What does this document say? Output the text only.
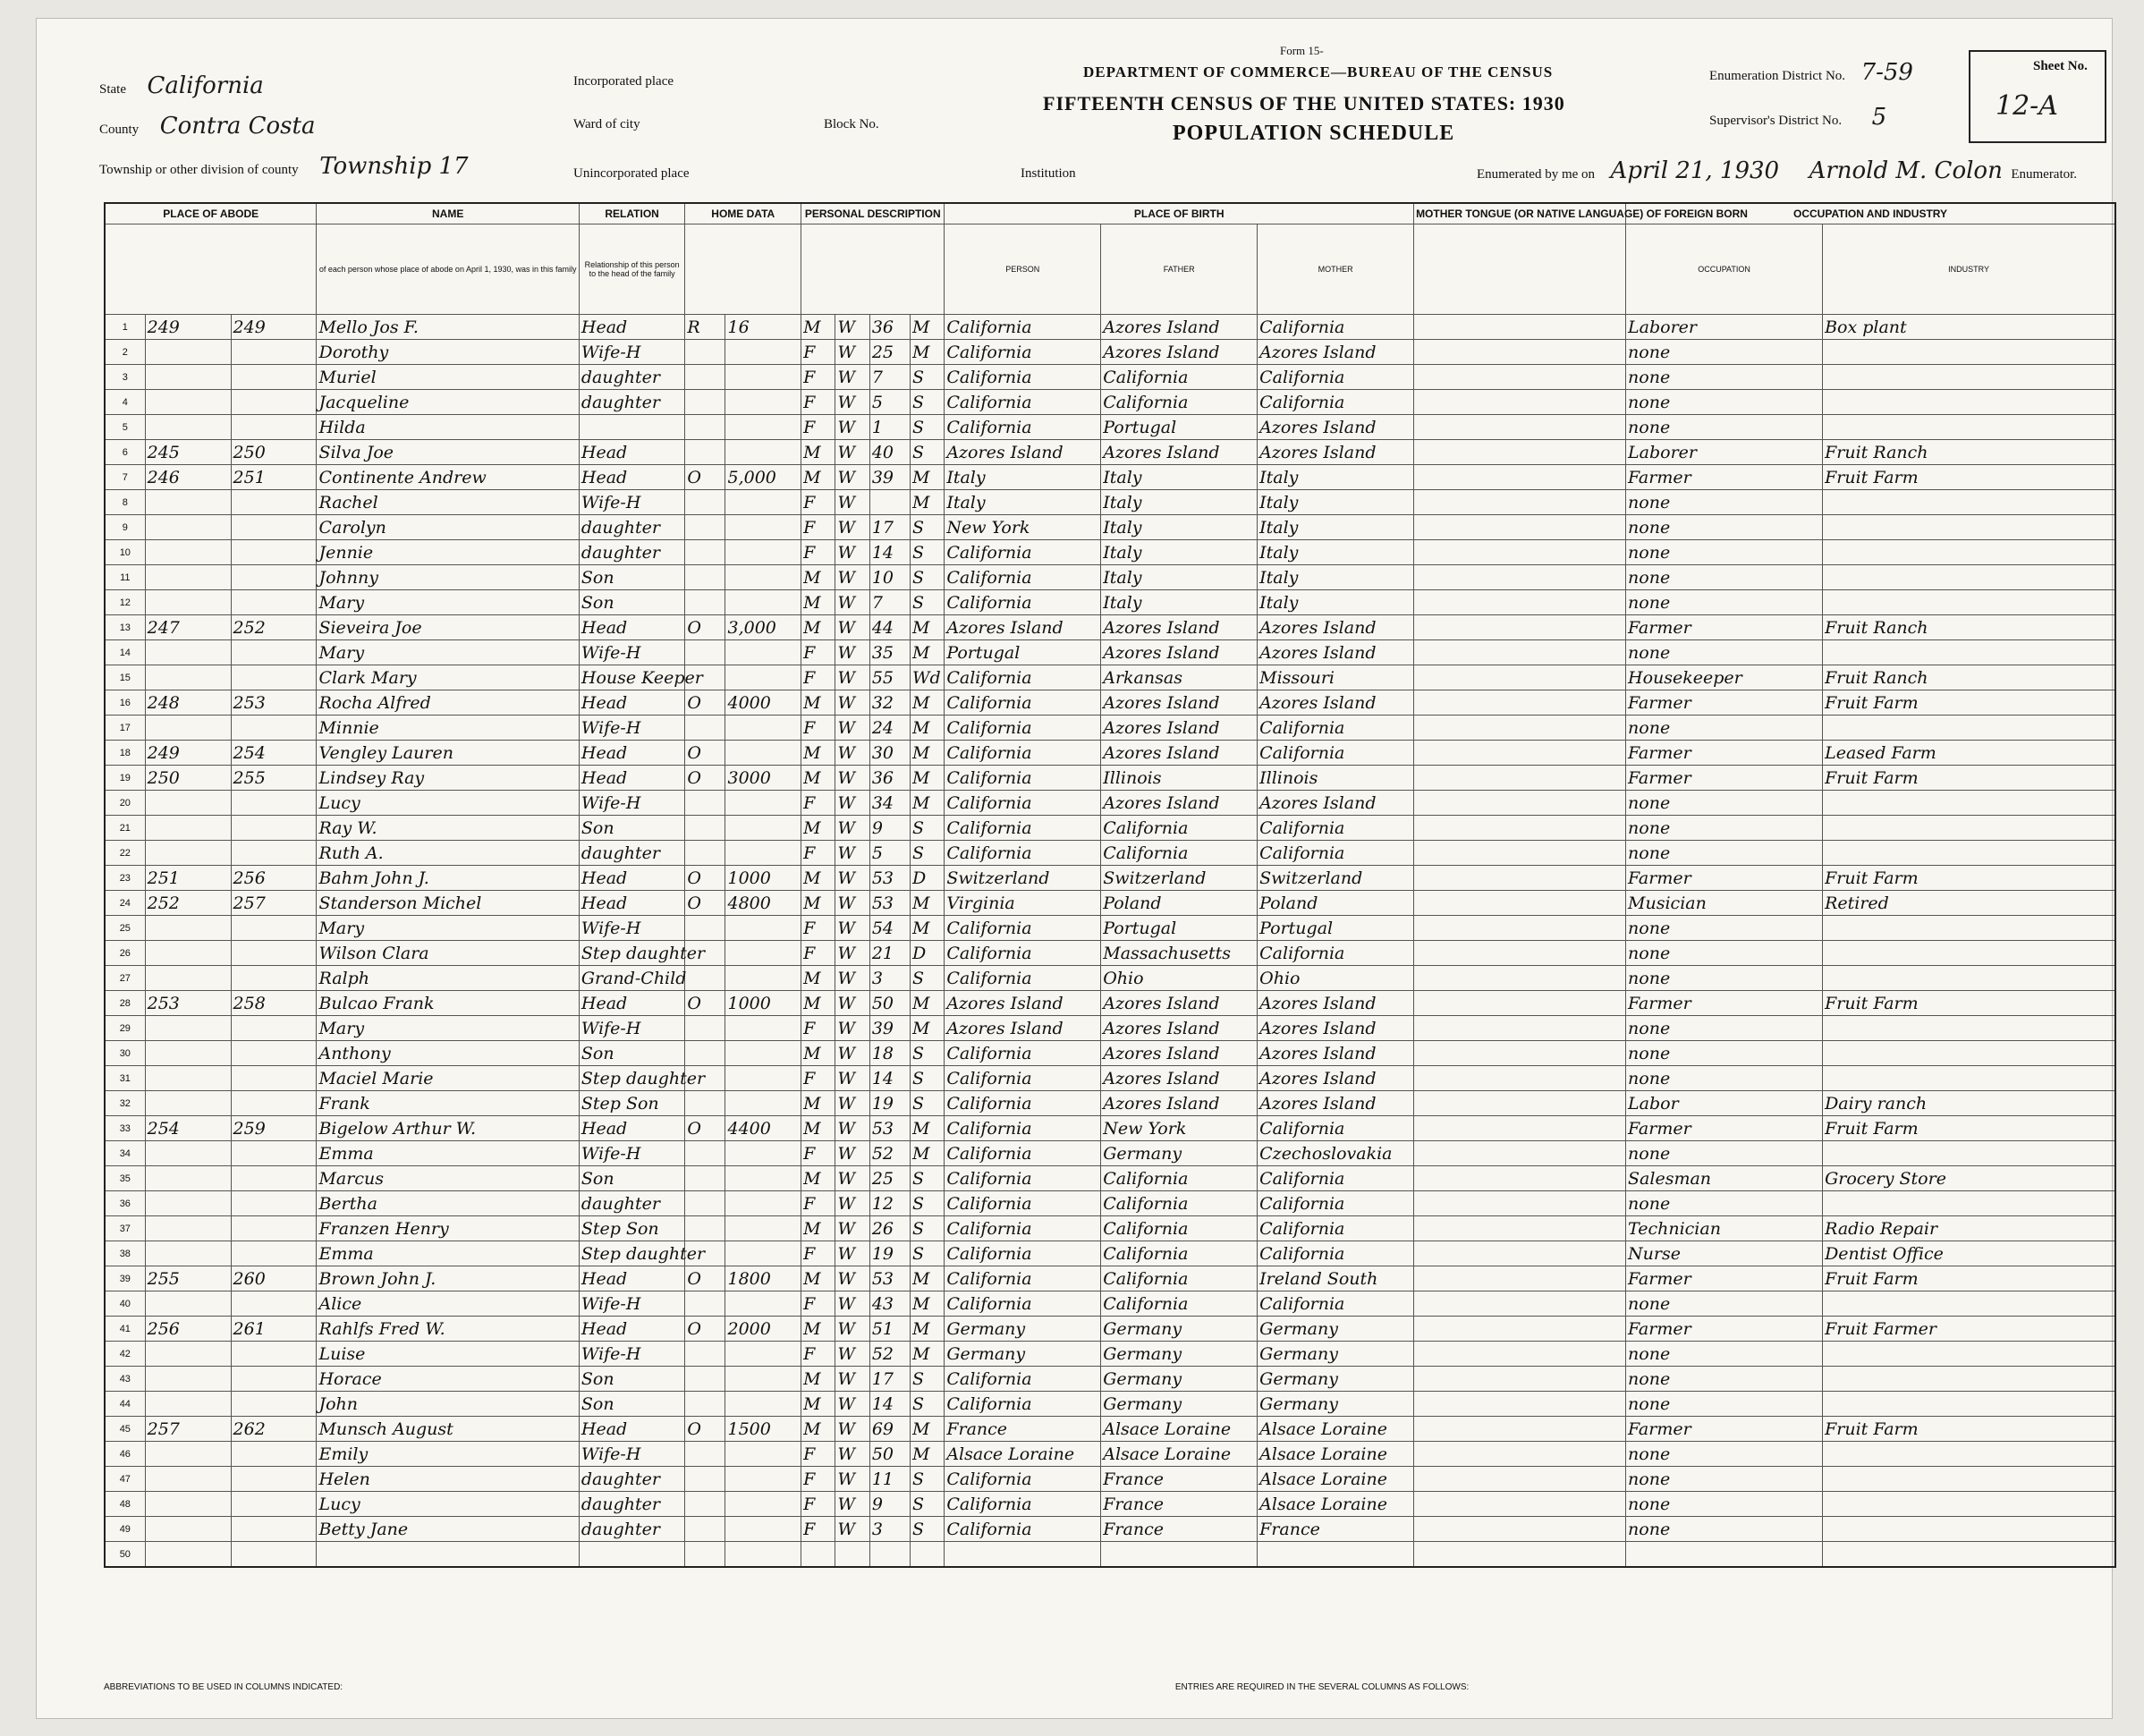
Form 15-
DEPARTMENT OF COMMERCE—BUREAU OF THE CENSUS
FIFTEENTH CENSUS OF THE UNITED STATES: 1930
POPULATION SCHEDULE
State California
County Contra Costa
Township or other division of county Township 17
Incorporated place
Ward of city	Block No.
Unincorporated place	Institution
Enumeration District No. 7-59
Supervisor's District No. 5
Enumerated by me on April 21, 1930 Arnold M. Colon Enumerator.
Sheet No.
12-A
PLACE OF ABODE			NAME	RELATION	HOME DATA		PERSONAL DESCRIPTION				PLACE OF BIRTH			MOTHER TONGUE (OR NATIVE LANGUAGE) OF FOREIGN BORN	OCCUPATION AND INDUSTRY	
			of each person whose place of abode on April 1, 1930, was in this family	Relationship of this person to the head of the family							PERSON	FATHER	MOTHER		OCCUPATION	INDUSTRY
1	249	249	Mello Jos F.	Head	R	16	M	W	36	M	California	Azores Island	California		Laborer	Box plant
2			Dorothy	Wife-H			F	W	25	M	California	Azores Island	Azores Island		none	
3			Muriel	daughter			F	W	7	S	California	California	California		none	
4			Jacqueline	daughter			F	W	5	S	California	California	California		none	
5			Hilda				F	W	1	S	California	Portugal	Azores Island		none	
6	245	250	Silva Joe	Head			M	W	40	S	Azores Island	Azores Island	Azores Island		Laborer	Fruit Ranch
7	246	251	Continente Andrew	Head	O	5,000	M	W	39	M	Italy	Italy	Italy		Farmer	Fruit Farm
8			Rachel	Wife-H			F	W		M	Italy	Italy	Italy		none	
9			Carolyn	daughter			F	W	17	S	New York	Italy	Italy		none	
10			Jennie	daughter			F	W	14	S	California	Italy	Italy		none	
11			Johnny	Son			M	W	10	S	California	Italy	Italy		none	
12			Mary	Son			M	W	7	S	California	Italy	Italy		none	
13	247	252	Sieveira Joe	Head	O	3,000	M	W	44	M	Azores Island	Azores Island	Azores Island		Farmer	Fruit Ranch
14			Mary	Wife-H			F	W	35	M	Portugal	Azores Island	Azores Island		none	
15			Clark Mary	House Keeper			F	W	55	Wd	California	Arkansas	Missouri		Housekeeper	Fruit Ranch
16	248	253	Rocha Alfred	Head	O	4000	M	W	32	M	California	Azores Island	Azores Island		Farmer	Fruit Farm
17			Minnie	Wife-H			F	W	24	M	California	Azores Island	California		none	
18	249	254	Vengley Lauren	Head	O		M	W	30	M	California	Azores Island	California		Farmer	Leased Farm
19	250	255	Lindsey Ray	Head	O	3000	M	W	36	M	California	Illinois	Illinois		Farmer	Fruit Farm
20			Lucy	Wife-H			F	W	34	M	California	Azores Island	Azores Island		none	
21			Ray W.	Son			M	W	9	S	California	California	California		none	
22			Ruth A.	daughter			F	W	5	S	California	California	California		none	
23	251	256	Bahm John J.	Head	O	1000	M	W	53	D	Switzerland	Switzerland	Switzerland		Farmer	Fruit Farm
24	252	257	Standerson Michel	Head	O	4800	M	W	53	M	Virginia	Poland	Poland		Musician	Retired
25			Mary	Wife-H			F	W	54	M	California	Portugal	Portugal		none	
26			Wilson Clara	Step daughter			F	W	21	D	California	Massachusetts	California		none	
27			Ralph	Grand-Child			M	W	3	S	California	Ohio	Ohio		none	
28	253	258	Bulcao Frank	Head	O	1000	M	W	50	M	Azores Island	Azores Island	Azores Island		Farmer	Fruit Farm
29			Mary	Wife-H			F	W	39	M	Azores Island	Azores Island	Azores Island		none	
30			Anthony	Son			M	W	18	S	California	Azores Island	Azores Island		none	
31			Maciel Marie	Step daughter			F	W	14	S	California	Azores Island	Azores Island		none	
32			Frank	Step Son			M	W	19	S	California	Azores Island	Azores Island		Labor	Dairy ranch
33	254	259	Bigelow Arthur W.	Head	O	4400	M	W	53	M	California	New York	California		Farmer	Fruit Farm
34			Emma	Wife-H			F	W	52	M	California	Germany	Czechoslovakia		none	
35			Marcus	Son			M	W	25	S	California	California	California		Salesman	Grocery Store
36			Bertha	daughter			F	W	12	S	California	California	California		none	
37			Franzen Henry	Step Son			M	W	26	S	California	California	California		Technician	Radio Repair
38			Emma	Step daughter			F	W	19	S	California	California	California		Nurse	Dentist Office
39	255	260	Brown John J.	Head	O	1800	M	W	53	M	California	California	Ireland South		Farmer	Fruit Farm
40			Alice	Wife-H			F	W	43	M	California	California	California		none	
41	256	261	Rahlfs Fred W.	Head	O	2000	M	W	51	M	Germany	Germany	Germany		Farmer	Fruit Farmer
42			Luise	Wife-H			F	W	52	M	Germany	Germany	Germany		none	
43			Horace	Son			M	W	17	S	California	Germany	Germany		none	
44			John	Son			M	W	14	S	California	Germany	Germany		none	
45	257	262	Munsch August	Head	O	1500	M	W	69	M	France	Alsace Loraine	Alsace Loraine		Farmer	Fruit Farm
46			Emily	Wife-H			F	W	50	M	Alsace Loraine	Alsace Loraine	Alsace Loraine		none	
47			Helen	daughter			F	W	11	S	California	France	Alsace Loraine		none	
48			Lucy	daughter			F	W	9	S	California	France	Alsace Loraine		none	
49			Betty Jane	daughter			F	W	3	S	California	France	France		none	
50																
ABBREVIATIONS TO BE USED IN COLUMNS INDICATED:	ENTRIES ARE REQUIRED IN THE SEVERAL COLUMNS AS FOLLOWS:
